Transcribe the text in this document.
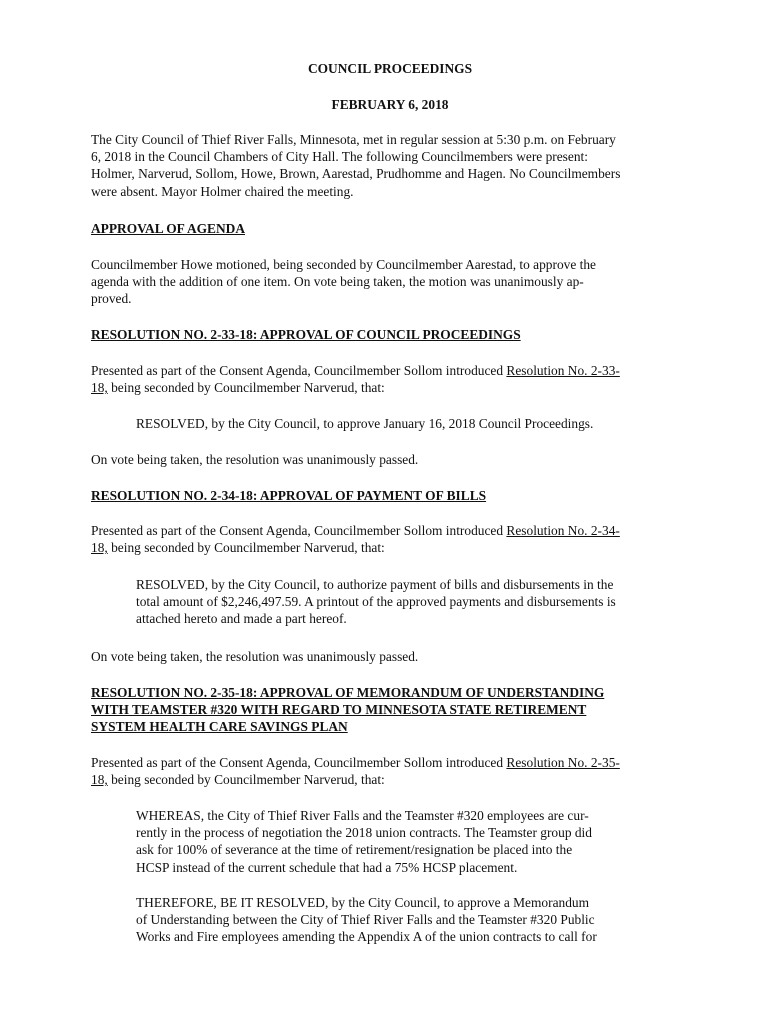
COUNCIL PROCEEDINGS
FEBRUARY 6, 2018
The City Council of Thief River Falls, Minnesota, met in regular session at 5:30 p.m. on February
6, 2018 in the Council Chambers of City Hall. The following Councilmembers were present:
Holmer, Narverud, Sollom, Howe, Brown, Aarestad, Prudhomme and Hagen. No Councilmembers
were absent. Mayor Holmer chaired the meeting.
APPROVAL OF AGENDA
Councilmember Howe motioned, being seconded by Councilmember Aarestad, to approve the
agenda with the addition of one item. On vote being taken, the motion was unanimously ap-
proved.
RESOLUTION NO. 2-33-18: APPROVAL OF COUNCIL PROCEEDINGS
Presented as part of the Consent Agenda, Councilmember Sollom introduced Resolution No. 2-33-
18, being seconded by Councilmember Narverud, that:
RESOLVED, by the City Council, to approve January 16, 2018 Council Proceedings.
On vote being taken, the resolution was unanimously passed.
RESOLUTION NO. 2-34-18: APPROVAL OF PAYMENT OF BILLS
Presented as part of the Consent Agenda, Councilmember Sollom introduced Resolution No. 2-34-
18, being seconded by Councilmember Narverud, that:
RESOLVED, by the City Council, to authorize payment of bills and disbursements in the
total amount of $2,246,497.59. A printout of the approved payments and disbursements is
attached hereto and made a part hereof.
On vote being taken, the resolution was unanimously passed.
RESOLUTION NO. 2-35-18: APPROVAL OF MEMORANDUM OF UNDERSTANDING
WITH TEAMSTER #320 WITH REGARD TO MINNESOTA STATE RETIREMENT
SYSTEM HEALTH CARE SAVINGS PLAN
Presented as part of the Consent Agenda, Councilmember Sollom introduced Resolution No. 2-35-
18, being seconded by Councilmember Narverud, that:
WHEREAS, the City of Thief River Falls and the Teamster #320 employees are cur-
rently in the process of negotiation the 2018 union contracts. The Teamster group did
ask for 100% of severance at the time of retirement/resignation be placed into the
HCSP instead of the current schedule that had a 75% HCSP placement.
THEREFORE, BE IT RESOLVED, by the City Council, to approve a Memorandum
of Understanding between the City of Thief River Falls and the Teamster #320 Public
Works and Fire employees amending the Appendix A of the union contracts to call for
